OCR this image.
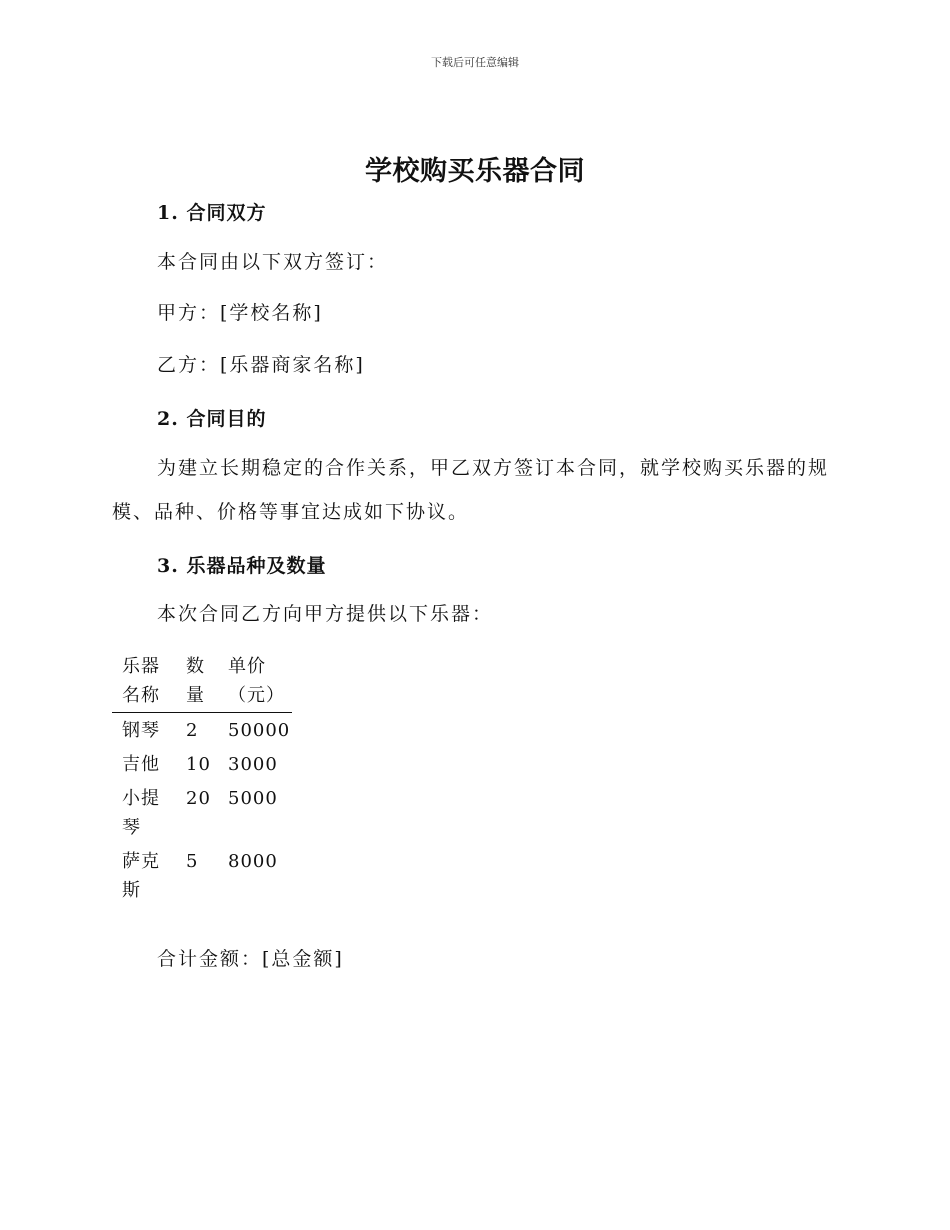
下载后可任意编辑
学校购买乐器合同
1. 合同双方

本合同由以下双方签订：

甲方：[学校名称]

乙方：[乐器商家名称]

2. 合同目的

为建立长期稳定的合作关系，甲乙双方签订本合同，就学校购买乐器的规模、品种、价格等事宜达成如下协议。

3. 乐器品种及数量

本次合同乙方向甲方提供以下乐器：

乐器名称	数量	单价（元）
钢琴	2	50000
吉他	10	3000
小提琴	20	5000
萨克斯	5	8000

合计金额：[总金额]
